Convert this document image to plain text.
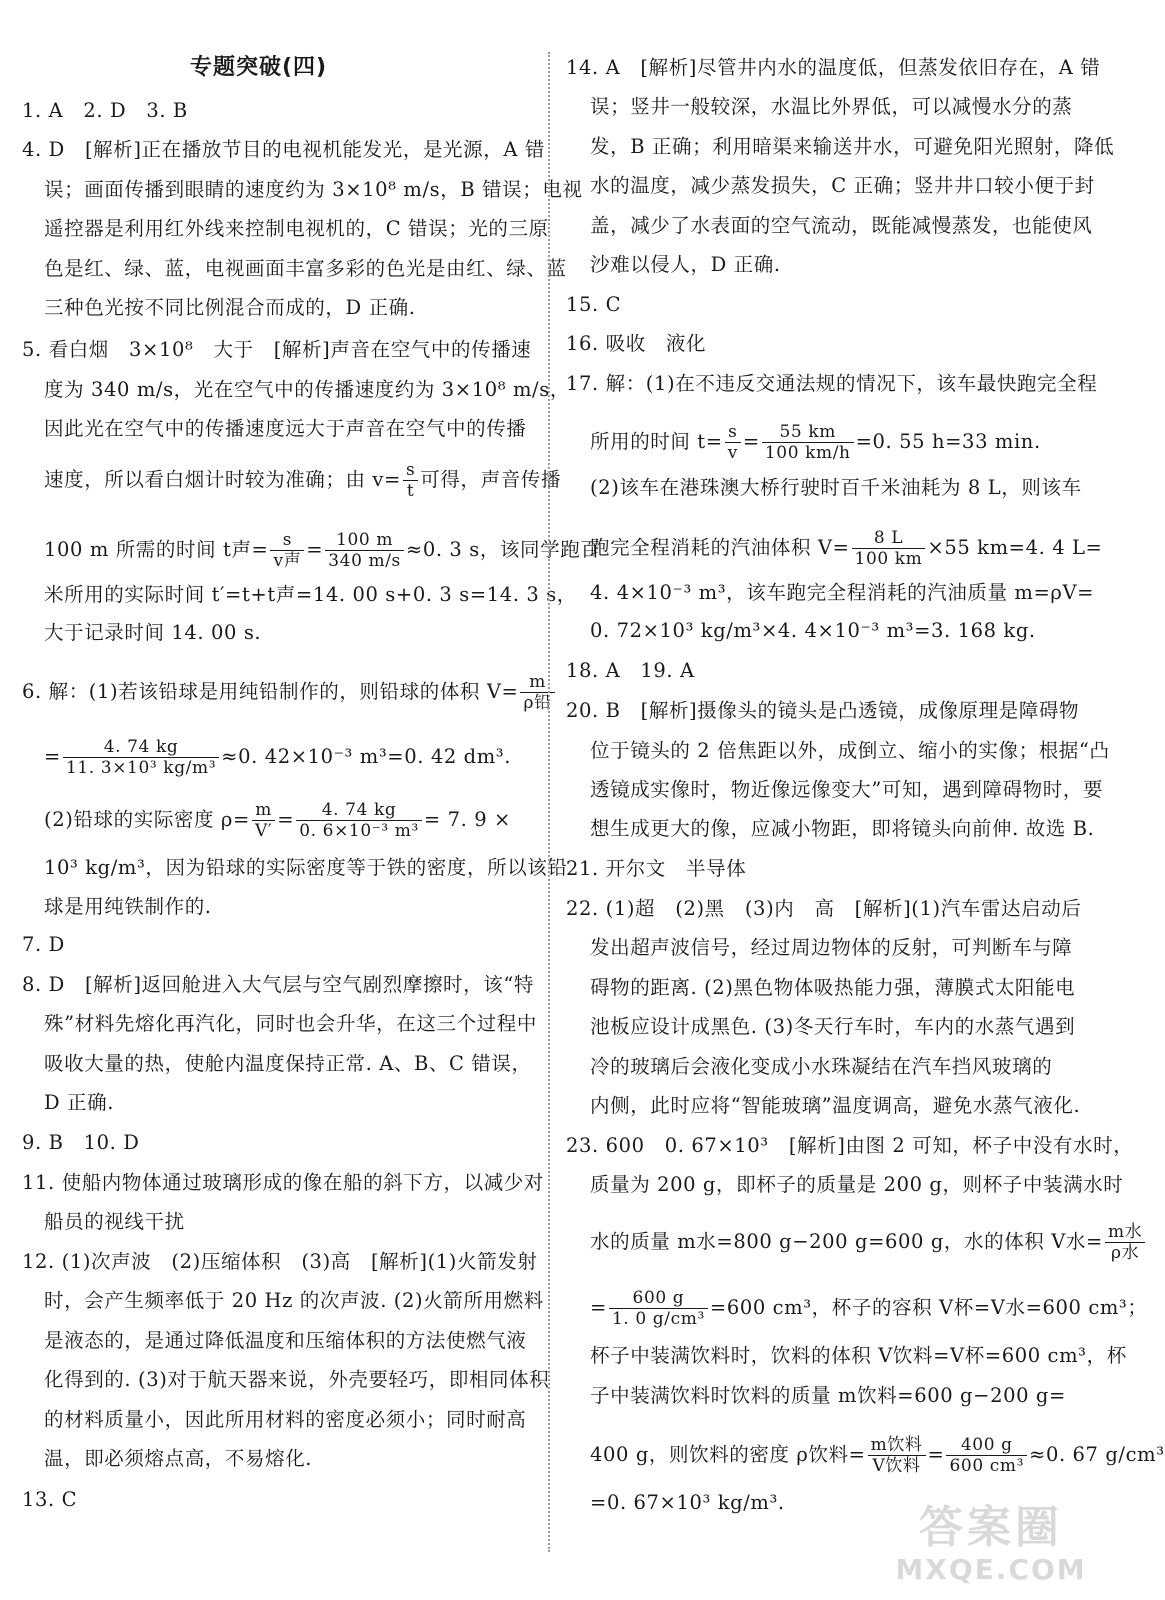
专题突破(四)
1. A　2. D　3. B
4. D　[解析]正在播放节目的电视机能发光，是光源，A 错
误；画面传播到眼睛的速度约为 3×10⁸ m/s，B 错误；电视
遥控器是利用红外线来控制电视机的，C 错误；光的三原
色是红、绿、蓝，电视画面丰富多彩的色光是由红、绿、蓝
三种色光按不同比例混合而成的，D 正确.
5. 看白烟　3×10⁸　大于　[解析]声音在空气中的传播速
度为 340 m/s，光在空气中的传播速度约为 3×10⁸ m/s，
因此光在空气中的传播速度远大于声音在空气中的传播
速度，所以看白烟计时较为准确；由 $v= \frac{s}{t}$ 可得，声音传播
100 m 所需的时间 t声= $\frac{s}{\text{v声}} = \frac{100 m}{340 m/s} \approx 0$. 3 s，该同学跑百
米所用的实际时间 t′=t+t声=14. 00 s+0. 3 s=14. 3 s，
大于记录时间 14. 00 s.
6. 解：(1)若该铅球是用纯铅制作的，则铅球的体积 $V= \frac{m}{\text{ρ铅}}$
= $\frac{4. 74 kg}{\text{11. 3×10³ kg/m³}} \approx 0$. 42×10⁻³ m³=0. 42 dm³.
(2)铅球的实际密度 $\rho= \frac{m}{V'} = \frac{4. 74 kg}{\text{0. 6×10⁻³ m³}} = 7$. 9 ×
10³ kg/m³，因为铅球的实际密度等于铁的密度，所以该铅
球是用纯铁制作的.
7. D
8. D　[解析]返回舱进入大气层与空气剧烈摩擦时，该“特
殊”材料先熔化再汽化，同时也会升华，在这三个过程中
吸收大量的热，使舱内温度保持正常. A、B、C 错误，
D 正确.
9. B　10. D
11. 使船内物体通过玻璃形成的像在船的斜下方，以减少对
船员的视线干扰
12. (1)次声波　(2)压缩体积　(3)高　[解析](1)火箭发射
时，会产生频率低于 20 Hz 的次声波. (2)火箭所用燃料
是液态的，是通过降低温度和压缩体积的方法使燃气液
化得到的. (3)对于航天器来说，外壳要轻巧，即相同体积
的材料质量小，因此所用材料的密度必须小；同时耐高
温，即必须熔点高，不易熔化.
13. C
14. A　[解析]尽管井内水的温度低，但蒸发依旧存在，A 错
误；竖井一般较深，水温比外界低，可以减慢水分的蒸
发，B 正确；利用暗渠来输送井水，可避免阳光照射，降低
水的温度，减少蒸发损失，C 正确；竖井井口较小便于封
盖，减少了水表面的空气流动，既能减慢蒸发，也能使风
沙难以侵人，D 正确.
15. C
16. 吸收　液化
17. 解：(1)在不违反交通法规的情况下，该车最快跑完全程
所用的时间 $t= \frac{s}{v} = \frac{55 km}{100 km/h} =0$. 55 h=33 min.
(2)该车在港珠澳大桥行驶时百千米油耗为 8 L，则该车
跑完全程消耗的汽油体积 $V= \frac{8 L}{100 km} \times 55$ km=4. 4 L=
4. 4×10⁻³ m³，该车跑完全程消耗的汽油质量 m=ρV=
0. 72×10³ kg/m³×4. 4×10⁻³ m³=3. 168 kg.
18. A　19. A
20. B　[解析]摄像头的镜头是凸透镜，成像原理是障碍物
位于镜头的 2 倍焦距以外，成倒立、缩小的实像；根据“凸
透镜成实像时，物近像远像变大”可知，遇到障碍物时，要
想生成更大的像，应减小物距，即将镜头向前伸. 故选 B.
21. 开尔文　半导体
22. (1)超　(2)黑　(3)内　高　[解析](1)汽车雷达启动后
发出超声波信号，经过周边物体的反射，可判断车与障
碍物的距离. (2)黑色物体吸热能力强，薄膜式太阳能电
池板应设计成黑色. (3)冬天行车时，车内的水蒸气遇到
冷的玻璃后会液化变成小水珠凝结在汽车挡风玻璃的
内侧，此时应将“智能玻璃”温度调高，避免水蒸气液化.
23. 600　0. 67×10³　[解析]由图 2 可知，杯子中没有水时，
质量为 200 g，即杯子的质量是 200 g，则杯子中装满水时
水的质量 m水=800 g−200 g=600 g，水的体积 V水= $\frac{\text{m水}}{\text{ρ水}}$
= $\frac{600 g}{\text{1. 0 g/cm³}} =600$ cm³，杯子的容积 V杯=V水=600 cm³；
杯子中装满饮料时，饮料的体积 V饮料=V杯=600 cm³，杯
子中装满饮料时饮料的质量 m饮料=600 g−200 g=
400 g，则饮料的密度 ρ饮料= $\frac{\text{m饮料}}{\text{V饮料}} = \frac{400 g}{\text{600 cm³}} \approx 0$. 67 g/cm³
=0. 67×10³ kg/m³.	答案圈
MXQE.COM
